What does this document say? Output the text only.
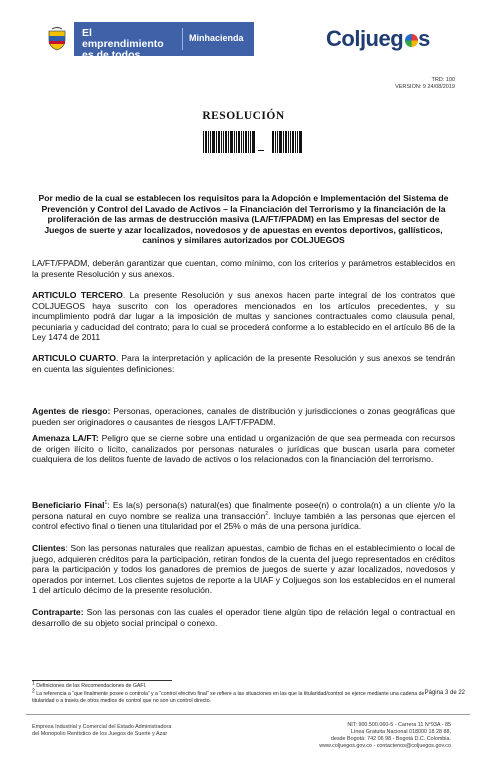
El emprendimiento
es de todos
Minhacienda	Coljueg s
TRD: 100
VERSION: 9 24/08/2019
RESOLUCIÓN
Por medio de la cual se establecen los requisitos para la Adopción e Implementación del Sistema de Prevención y Control del Lavado de Activos – la Financiación del Terrorismo y la financiación de la proliferación de las armas de destrucción masiva (LA/FT/FPADM) en las Empresas del sector de Juegos de suerte y azar localizados, novedosos y de apuestas en eventos deportivos, gallísticos, caninos y similares autorizados por COLJUEGOS
LA/FT/FPADM, deberán garantizar que cuentan, como mínimo, con los criterios y parámetros establecidos en la presente Resolución y sus anexos.
ARTICULO TERCERO. La presente Resolución y sus anexos hacen parte integral de los contratos que COLJUEGOS haya suscrito con los operadores mencionados en los artículos precedentes, y su incumplimiento podrá dar lugar a la imposición de multas y sanciones contractuales como clausula penal, pecuniaria y caducidad del contrato; para lo cual se procederá conforme a lo establecido en el artículo 86 de la Ley 1474 de 2011
ARTICULO CUARTO. Para la interpretación y aplicación de la presente Resolución y sus anexos se tendrán en cuenta las siguientes definiciones:
Agentes de riesgo: Personas, operaciones, canales de distribución y jurisdicciones o zonas geográficas que pueden ser originadores o causantes de riesgos LA/FT/FPADM.
Amenaza LA/FT: Peligro que se cierne sobre una entidad u organización de que sea permeada con recursos de origen ilícito o lícito, canalizados por personas naturales o jurídicas que buscan usarla para cometer cualquiera de los delitos fuente de lavado de activos o los relacionados con la financiación del terrorismo.
Beneficiario Final$^1$: Es la(s) persona(s) natural(es) que finalmente posee(n) o controla(n) a un cliente y/o la persona natural en cuyo nombre se realiza una transacción$^2$. Incluye también a las personas que ejercen el control efectivo final o tienen una titularidad por el 25% o más de una persona jurídica.
Clientes: Son las personas naturales que realizan apuestas, cambio de fichas en el establecimiento o local de juego, adquieren créditos para la participación, retiran fondos de la cuenta del juego representados en créditos para la participación y todos los ganadores de premios de juegos de suerte y azar localizados, novedosos y operados por internet. Los clientes sujetos de reporte a la UIAF y Coljuegos son los establecidos en el numeral 1 del artículo décimo de la presente resolución.
Contraparte: Son las personas con las cuales el operador tiene algún tipo de relación legal o contractual en desarrollo de su objeto social principal o conexo.
$^1$ Definiciones de las Recomendaciones de GAFI.
$^2$ La referencia a “que finalmente posee o controla” y a “control efectivo final” se refiere a las situaciones en las que la titularidad/control se ejerce mediante una cadena de titularidad o a través de otros medios de control que no son un control directo.
Página 3 de 22
Empresa Industrial y Comercial del Estado Administradora
del Monopolio Rentístico de los Juegos de Suerte y Azar
NIT: 900.500.060-5 - Carrera 11 N°93A - 85
Línea Gratuita Nacional 018000 18 28 88,
desde Bogotá: 742 06 98 - Bogotá D.C. Colombia.
www.coljuegos.gov.co - contactenos@coljuegos.gov.co
